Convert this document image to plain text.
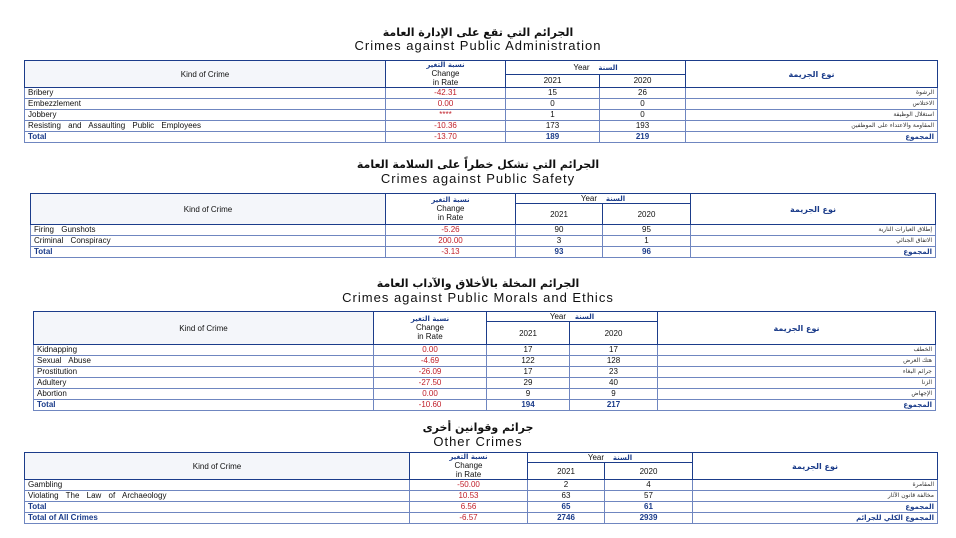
الجرائم التي تقع على الإدارة العامة
Crimes against Public Administration
Kind of Crime	نسبة التغير
Change
in Rate	Year السنة		نوع الجريمة
		2021	2020	
Bribery	-42.31	15	26	الرشوة
Embezzlement	0.00	0	0	الاختلاس
Jobbery	****	1	0	استغلال الوظيفة
Resisting and Assaulting Public Employees	-10.36	173	193	المقاومة والاعتداء على الموظفين
Total	-13.70	189	219	المجموع
الجرائم التي تشكل خطراً على السلامة العامة
Crimes against Public Safety
Kind of Crime	نسبة التغير
Change
in Rate	Year السنة		نوع الجريمة
		2021	2020	
Firing Gunshots	-5.26	90	95	إطلاق العيارات النارية
Criminal Conspiracy	200.00	3	1	الاتفاق الجنائي
Total	-3.13	93	96	المجموع
الجرائم المخلة بالأخلاق والآداب العامة
Crimes against Public Morals and Ethics
Kind of Crime	نسبة التغير
Change
in Rate	Year السنة		نوع الجريمة
		2021	2020	
Kidnapping	0.00	17	17	الخطف
Sexual Abuse	-4.69	122	128	هتك العرض
Prostitution	-26.09	17	23	جرائم البغاء
Adultery	-27.50	29	40	الزنا
Abortion	0.00	9	9	الإجهاض
Total	-10.60	194	217	المجموع
جرائم وقوانين أخرى
Other Crimes
Kind of Crime	نسبة التغير
Change
in Rate	Year السنة		نوع الجريمة
		2021	2020	
Gambling	-50.00	2	4	المقامرة
Violating The Law of Archaeology	10.53	63	57	مخالفة قانون الآثار
Total	6.56	65	61	المجموع
Total of All Crimes	-6.57	2746	2939	المجموع الكلي للجرائم
